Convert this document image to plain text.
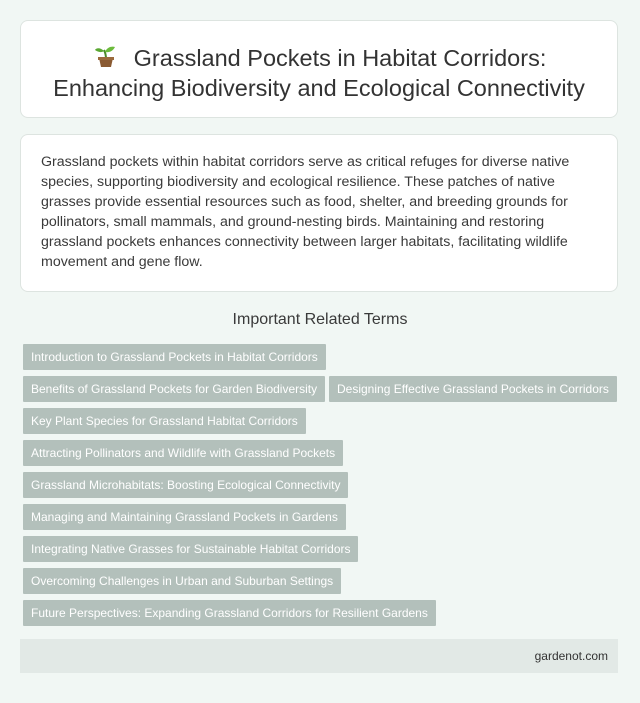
Grassland Pockets in Habitat Corridors: Enhancing Biodiversity and Ecological Connectivity

Grassland pockets within habitat corridors serve as critical refuges for diverse native species, supporting biodiversity and ecological resilience. These patches of native grasses provide essential resources such as food, shelter, and breeding grounds for pollinators, small mammals, and ground-nesting birds. Maintaining and restoring grassland pockets enhances connectivity between larger habitats, facilitating wildlife movement and gene flow.

Important Related Terms
Introduction to Grassland Pockets in Habitat Corridors
Benefits of Grassland Pockets for Garden Biodiversity	Designing Effective Grassland Pockets in Corridors
Key Plant Species for Grassland Habitat Corridors
Attracting Pollinators and Wildlife with Grassland Pockets
Grassland Microhabitats: Boosting Ecological Connectivity
Managing and Maintaining Grassland Pockets in Gardens
Integrating Native Grasses for Sustainable Habitat Corridors
Overcoming Challenges in Urban and Suburban Settings
Future Perspectives: Expanding Grassland Corridors for Resilient Gardens
gardenot.com
